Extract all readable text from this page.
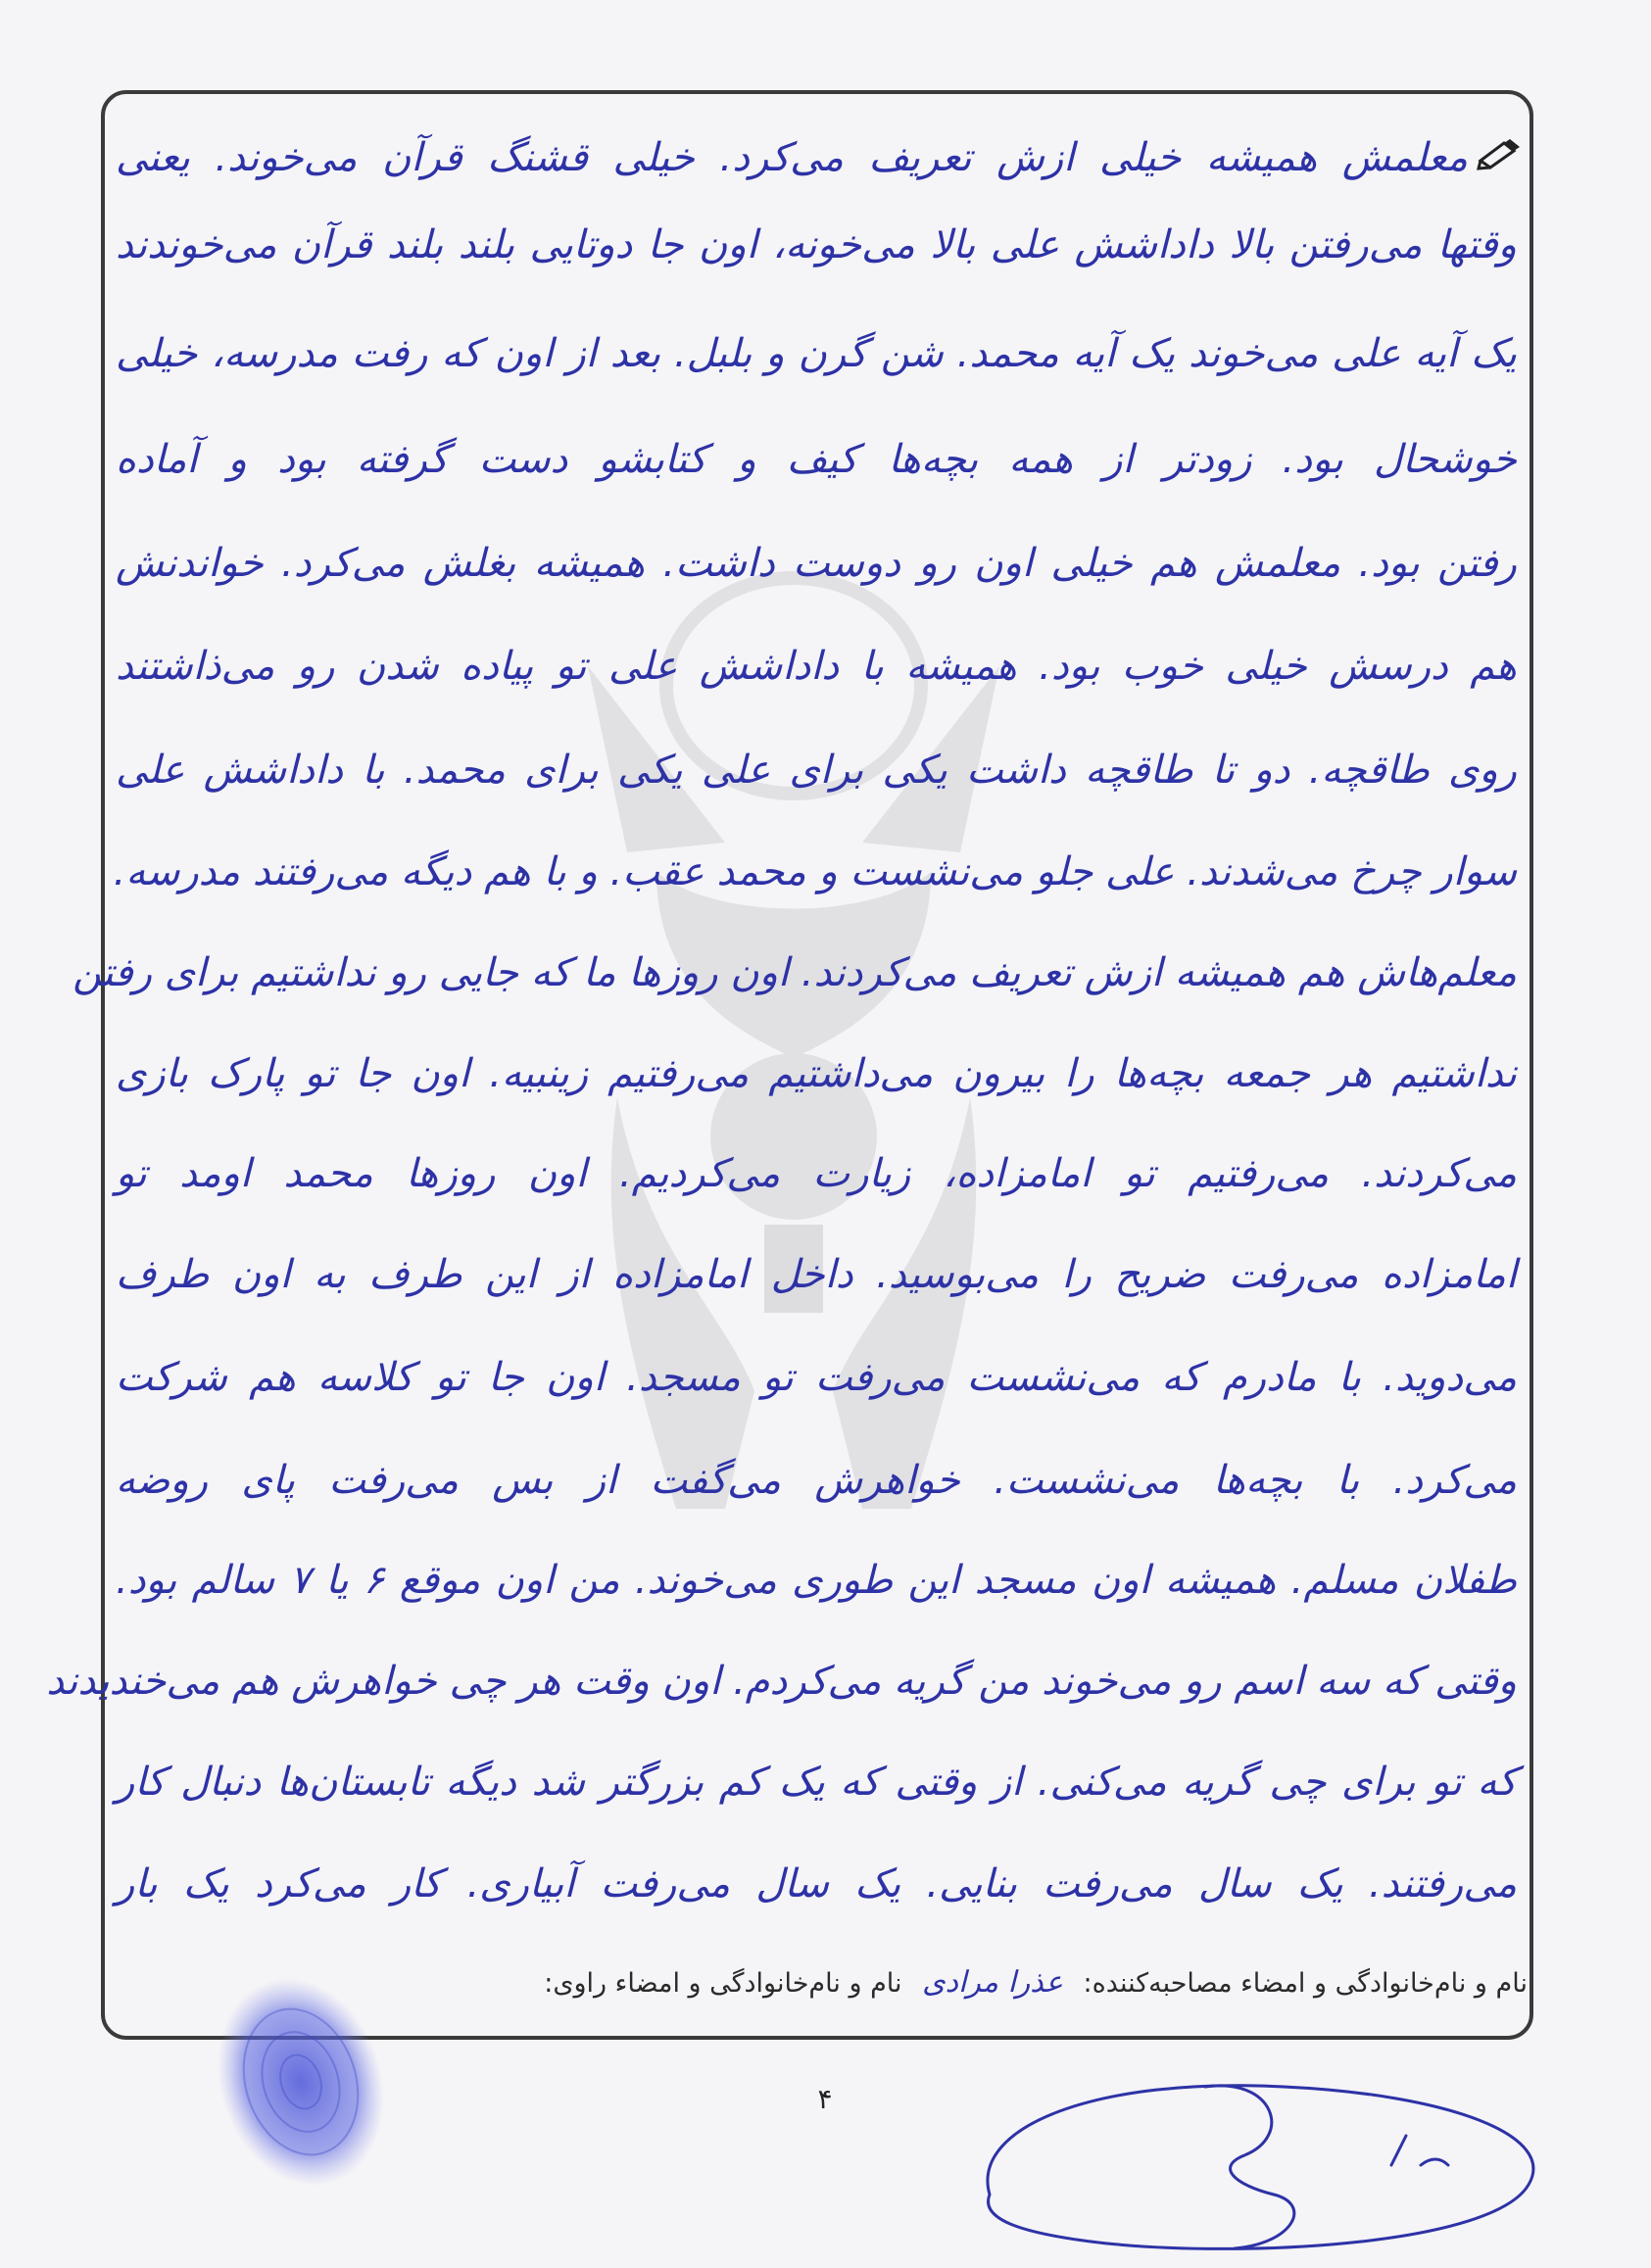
معلمش همیشه خیلی ازش تعریف می‌کرد. خیلی قشنگ قرآن می‌خوند. یعنی
وقتها می‌رفتن بالا داداشش علی بالا می‌خونه، اون جا دوتایی بلند بلند قرآن می‌خوندند
یک آیه علی می‌خوند یک آیه محمد. شن گرن و بلبل. بعد از اون که رفت مدرسه، خیلی
خوشحال بود. زودتر از همه بچه‌ها کیف و کتابشو دست گرفته بود و آماده
رفتن بود. معلمش هم خیلی اون رو دوست داشت. همیشه بغلش می‌کرد. خواندنش
هم درسش خیلی خوب بود. همیشه با داداشش علی تو پیاده شدن رو می‌ذاشتند
روی طاقچه. دو تا طاقچه داشت یکی برای علی یکی برای محمد. با داداشش علی
سوار چرخ می‌شدند. علی جلو می‌نشست و محمد عقب. و با هم دیگه می‌رفتند مدرسه.
معلم‌هاش هم همیشه ازش تعریف می‌کردند. اون روزها ما که جایی رو نداشتیم برای رفتن
نداشتیم هر جمعه بچه‌ها را بیرون می‌داشتیم می‌رفتیم زینبیه. اون جا تو پارک بازی
می‌کردند. می‌رفتیم تو امامزاده، زیارت می‌کردیم. اون روزها محمد اومد تو
امامزاده می‌رفت ضریح را می‌بوسید. داخل امامزاده از این طرف به اون طرف
می‌دوید. با مادرم که می‌نشست می‌رفت تو مسجد. اون جا تو کلاسه هم شرکت
می‌کرد. با بچه‌ها می‌نشست. خواهرش می‌گفت از بس می‌رفت پای روضه
طفلان مسلم. همیشه اون مسجد این طوری می‌خوند. من اون موقع ۶ یا ۷ سالم بود.
وقتی که سه اسم رو می‌خوند من گریه می‌کردم. اون وقت هر چی خواهرش هم می‌خندیدند
که تو برای چی گریه می‌کنی. از وقتی که یک کم بزرگتر شد دیگه تابستان‌ها دنبال کار
می‌رفتند. یک سال می‌رفت بنایی. یک سال می‌رفت آبیاری. کار می‌کرد یک بار
نام و نام‌خانوادگی و امضاء مصاحبه‌کننده: عذرا مرادی نام و نام‌خانوادگی و امضاء راوی:
۴
